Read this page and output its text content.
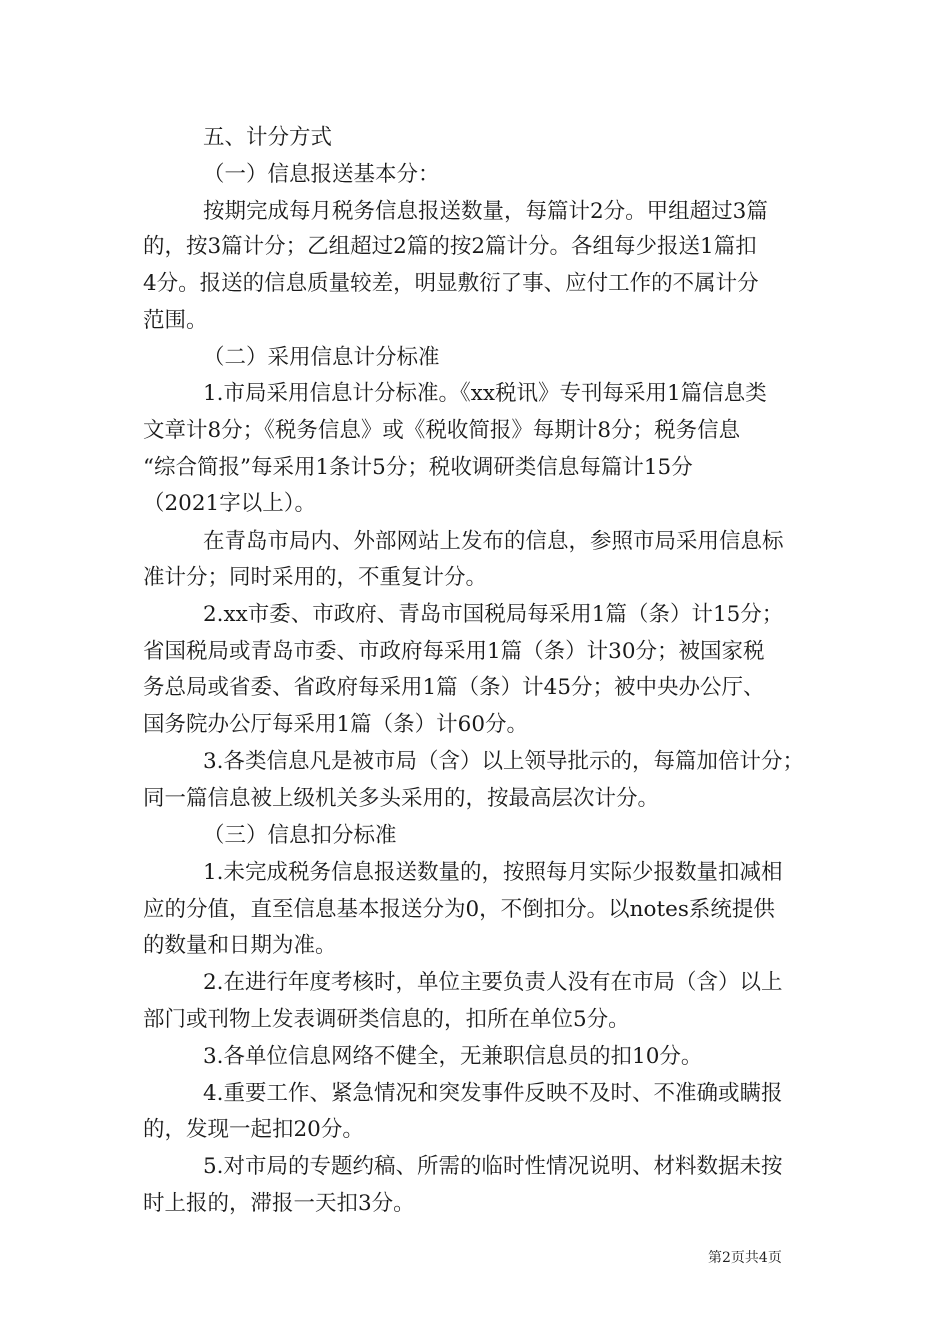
五、计分方式
（一）信息报送基本分：
按期完成每月税务信息报送数量，每篇计2分。甲组超过3篇
的，按3篇计分；乙组超过2篇的按2篇计分。各组每少报送1篇扣
4分。报送的信息质量较差，明显敷衍了事、应付工作的不属计分
范围。
（二）采用信息计分标准
1.市局采用信息计分标准。《xx税讯》专刊每采用1篇信息类
文章计8分；《税务信息》或《税收简报》每期计8分；税务信息
“综合简报”每采用1条计5分；税收调研类信息每篇计15分
（2021字以上）。
在青岛市局内、外部网站上发布的信息，参照市局采用信息标
准计分；同时采用的，不重复计分。
2.xx市委、市政府、青岛市国税局每采用1篇（条）计15分；
省国税局或青岛市委、市政府每采用1篇（条）计30分；被国家税
务总局或省委、省政府每采用1篇（条）计45分；被中央办公厅、
国务院办公厅每采用1篇（条）计60分。
3.各类信息凡是被市局（含）以上领导批示的，每篇加倍计分；
同一篇信息被上级机关多头采用的，按最高层次计分。
（三）信息扣分标准
1.未完成税务信息报送数量的，按照每月实际少报数量扣减相
应的分值，直至信息基本报送分为0，不倒扣分。以notes系统提供
的数量和日期为准。
2.在进行年度考核时，单位主要负责人没有在市局（含）以上
部门或刊物上发表调研类信息的，扣所在单位5分。
3.各单位信息网络不健全，无兼职信息员的扣10分。
4.重要工作、紧急情况和突发事件反映不及时、不准确或瞒报
的，发现一起扣20分。
5.对市局的专题约稿、所需的临时性情况说明、材料数据未按
时上报的，滞报一天扣3分。
第2页共4页
